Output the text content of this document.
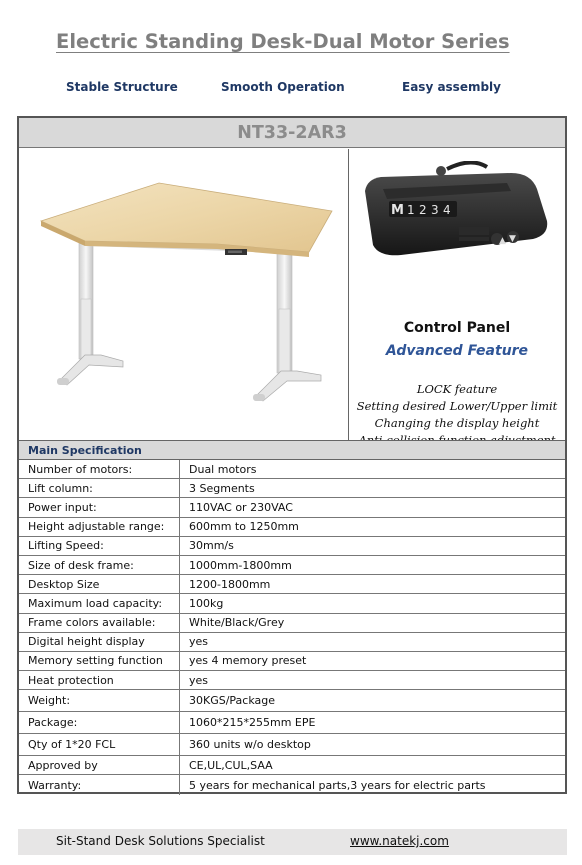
Electric Standing Desk-Dual Motor Series
Stable Structure	Smooth Operation	Easy assembly
NT33-2AR3
▲ ▼
M 1 2 3 4
Control Panel
Advanced Feature
LOCK feature
Setting desired Lower/Upper limit
Changing the display height
Main Specification
Number of motors:	Dual motors
Lift column:	3 Segments
Power input:	110VAC or 230VAC
Height adjustable range:	600mm to 1250mm
Lifting Speed:	30mm/s
Size of desk frame:	1000mm-1800mm
Desktop Size	1200-1800mm
Maximum load capacity:	100kg
Frame colors available:	White/Black/Grey
Digital height display	yes
Memory setting function	yes 4 memory preset
Heat protection	yes
Weight:	30KGS/Package
Package:	1060*215*255mm EPE
Qty of 1*20 FCL	360 units w/o desktop
Approved by	CE,UL,CUL,SAA
Warranty:	5 years for mechanical parts,3 years for electric parts
Sit-Stand Desk Solutions Specialist	www.natekj.com
